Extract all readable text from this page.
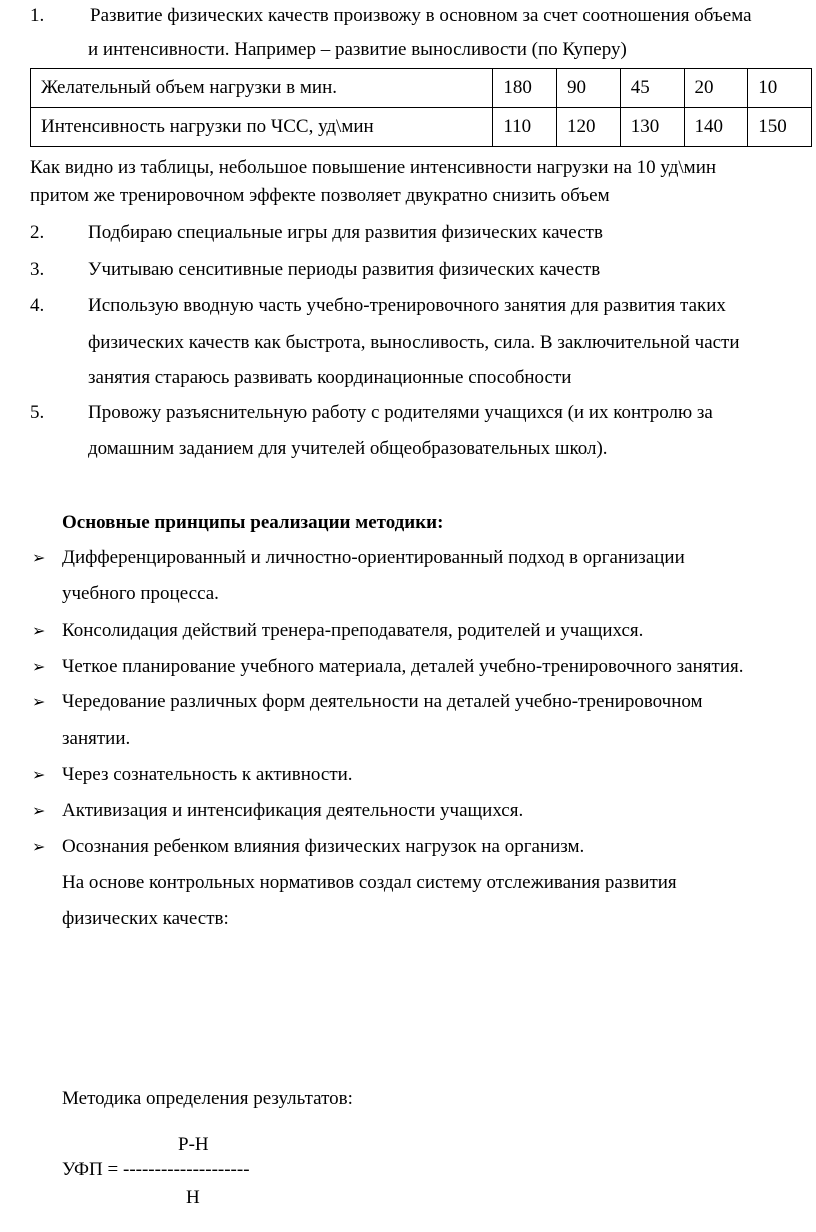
1. Развитие физических качеств произвожу в основном за счет соотношения объема
и интенсивности. Например – развитие выносливости (по Куперу)
Желательный объем нагрузки в мин.	180	90	45	20	10
Интенсивность нагрузки по ЧСС, уд\мин	110	120	130	140	150
Как видно из таблицы, небольшое повышение интенсивности нагрузки на 10 уд\мин
притом же тренировочном эффекте позволяет двукратно снизить объем
2. Подбираю специальные игры для развития физических качеств
3. Учитываю сенситивные периоды развития физических качеств
4. Использую вводную часть учебно-тренировочного занятия для развития таких
физических качеств как быстрота, выносливость, сила. В заключительной части
занятия стараюсь развивать координационные способности
5. Провожу разъяснительную работу с родителями учащихся (и их контролю за
домашним заданием для учителей общеобразовательных школ).
Основные принципы реализации методики:
➢ Дифференцированный и личностно-ориентированный подход в организации
учебного процесса.
➢ Консолидация действий тренера-преподавателя, родителей и учащихся.
➢ Четкое планирование учебного материала, деталей учебно-тренировочного занятия.
➢ Чередование различных форм деятельности на деталей учебно-тренировочном
занятии.
➢ Через сознательность к активности.
➢ Активизация и интенсификация деятельности учащихся.
➢ Осознания ребенком влияния физических нагрузок на организм.
На основе контрольных нормативов создал систему отслеживания развития
физических качеств:
Методика определения результатов:
Р-Н
УФП = --------------------
Н
